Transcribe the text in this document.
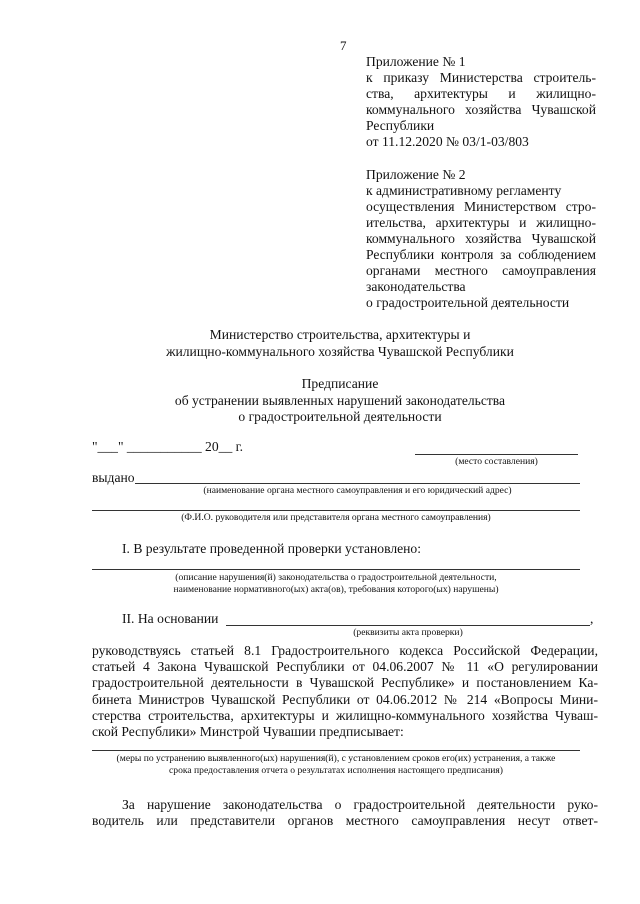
7

Приложение № 1

к приказу Министерства строитель-

ства, архитектуры и жилищно-

коммунального хозяйства Чувашской

Республики

от 11.12.2020 № 03/1-03/803

Приложение № 2

к административному регламенту

осуществления Министерством стро-

ительства, архитектуры и жилищно-

коммунального хозяйства Чувашской

Республики контроля за соблюдением

органами местного самоуправления

законодательства

о градостроительной деятельности

Министерство строительства, архитектуры и
жилищно-коммунального хозяйства Чувашской Республики
Предписание
об устранении выявленных нарушений законодательства
о градостроительной деятельности
"___" ___________ 20__ г.
(место составления)
выдано
(наименование органа местного самоуправления и его юридический адрес)
(Ф.И.О. руководителя или представителя органа местного самоуправления)
I. В результате проведенной проверки установлено:
(описание нарушения(й) законодательства о градостроительной деятельности,
наименование нормативного(ых) акта(ов), требования которого(ых) нарушены)
II. На основании	,
(реквизиты акта проверки)
руководствуясь статьей 8.1 Градостроительного кодекса Российской Федерации,
статьей 4 Закона Чувашской Республики от 04.06.2007 № 11 «О регулировании
градостроительной деятельности в Чувашской Республике» и постановлением Ка-
бинета Министров Чувашской Республики от 04.06.2012 № 214 «Вопросы Мини-
стерства строительства, архитектуры и жилищно-коммунального хозяйства Чуваш-
ской Республики» Минстрой Чувашии предписывает:
(меры по устранению выявленного(ых) нарушения(й), с установлением сроков его(их) устранения, а также
срока предоставления отчета о результатах исполнения настоящего предписания)
За нарушение законодательства о градостроительной деятельности руко-
водитель или представители органов местного самоуправления несут ответ-
